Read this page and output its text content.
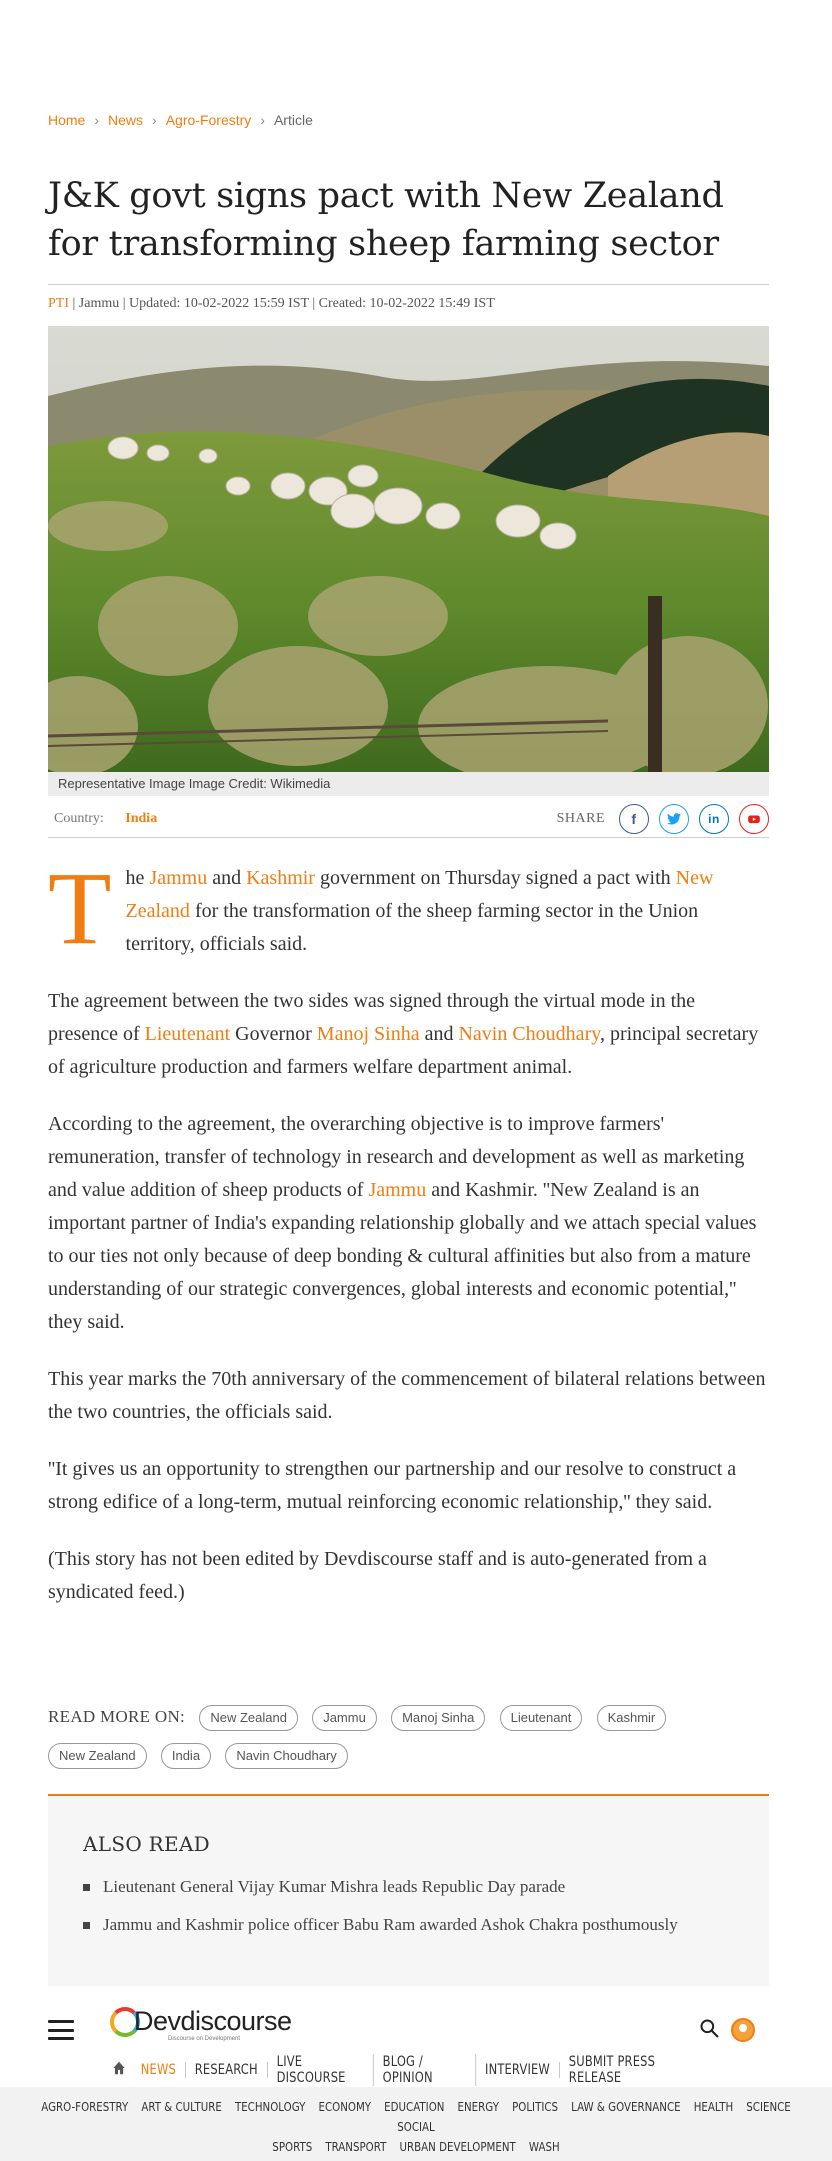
Home › News › Agro-Forestry › Article
J&K govt signs pact with New Zealand for transforming sheep farming sector
PTI | Jammu | Updated: 10-02-2022 15:59 IST | Created: 10-02-2022 15:49 IST
Representative Image Image Credit: Wikimedia
Country: India	SHARE	f	in

The Jammu and Kashmir government on Thursday signed a pact with New Zealand for the transformation of the sheep farming sector in the Union territory, officials said.

The agreement between the two sides was signed through the virtual mode in the presence of Lieutenant Governor Manoj Sinha and Navin Choudhary, principal secretary of agriculture production and farmers welfare department animal.

According to the agreement, the overarching objective is to improve farmers' remuneration, transfer of technology in research and development as well as marketing and value addition of sheep products of Jammu and Kashmir. ''New Zealand is an important partner of India's expanding relationship globally and we attach special values to our ties not only because of deep bonding & cultural affinities but also from a mature understanding of our strategic convergences, global interests and economic potential,'' they said.

This year marks the 70th anniversary of the commencement of bilateral relations between the two countries, the officials said.

''It gives us an opportunity to strengthen our partnership and our resolve to construct a strong edifice of a long-term, mutual reinforcing economic relationship,'' they said.

(This story has not been edited by Devdiscourse staff and is auto-generated from a syndicated feed.)

READ MORE ON: New Zealand	Jammu	Manoj Sinha	Lieutenant	Kashmir
New Zealand	India	Navin Choudhary
ALSO READ
Lieutenant General Vijay Kumar Mishra leads Republic Day parade
Jammu and Kashmir police officer Babu Ram awarded Ashok Chakra posthumously
Devdiscourse
Discourse on Development
NEWS	RESEARCH	LIVE DISCOURSE
BLOG / OPINION	INTERVIEW	SUBMIT PRESS RELEASE
AGRO-FORESTRY ART & CULTURE TECHNOLOGY ECONOMY EDUCATION ENERGY POLITICS LAW & GOVERNANCE HEALTH SCIENCE SOCIAL
SPORTS TRANSPORT URBAN DEVELOPMENT WASH
